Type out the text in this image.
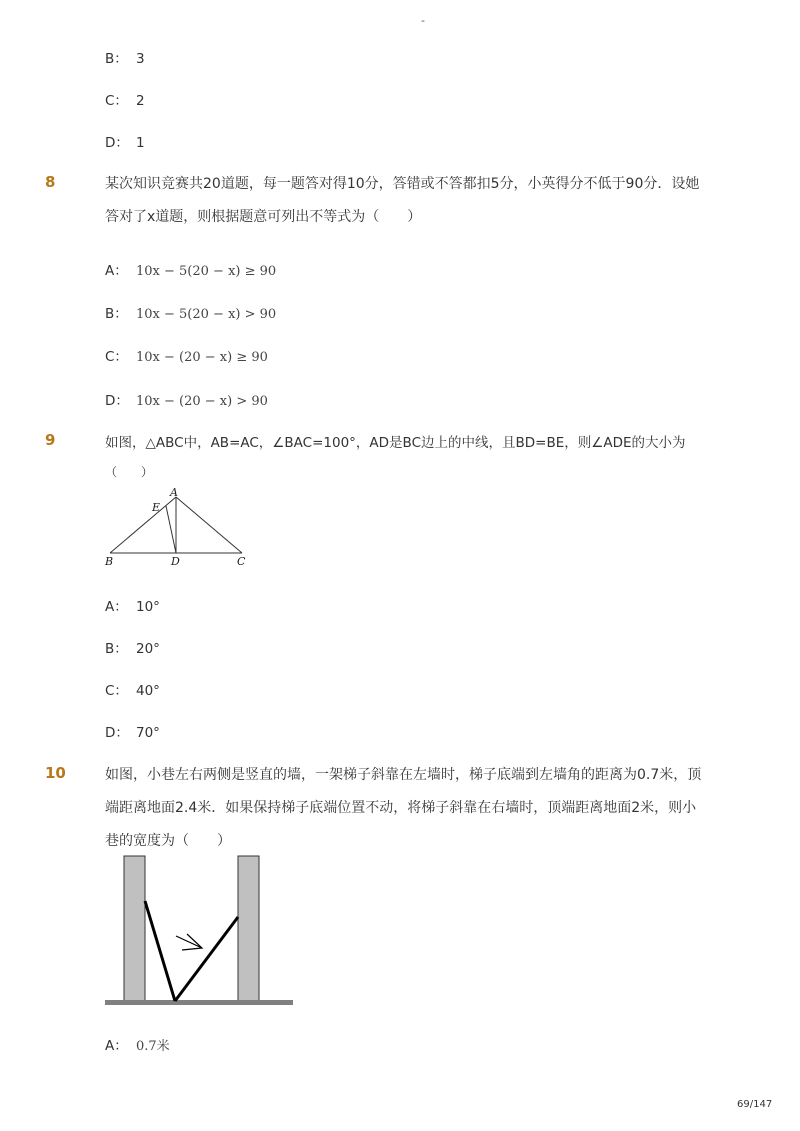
-
B： 3
C： 2
D： 1
8	某次知识竞赛共20道题，每一题答对得10分，答错或不答都扣5分，小英得分不低于90分．设她
答对了x道题，则根据题意可列出不等式为（　　）
A： 10x − 5(20 − x) ≥ 90
B： 10x − 5(20 − x) > 90
C： 10x − (20 − x) ≥ 90
D： 10x − (20 − x) > 90
9	如图，△ABC中，AB=AC，∠BAC=100°，AD是BC边上的中线，且BD=BE，则∠ADE的大小为
（　　）
A
E
B	D	C
A： 10°
B： 20°
C： 40°
D： 70°
10	如图，小巷左右两侧是竖直的墙，一架梯子斜靠在左墙时，梯子底端到左墙角的距离为0.7米，顶
端距离地面2.4米．如果保持梯子底端位置不动，将梯子斜靠在右墙时，顶端距离地面2米，则小
巷的宽度为（　　）
A： 0.7米
69/147
